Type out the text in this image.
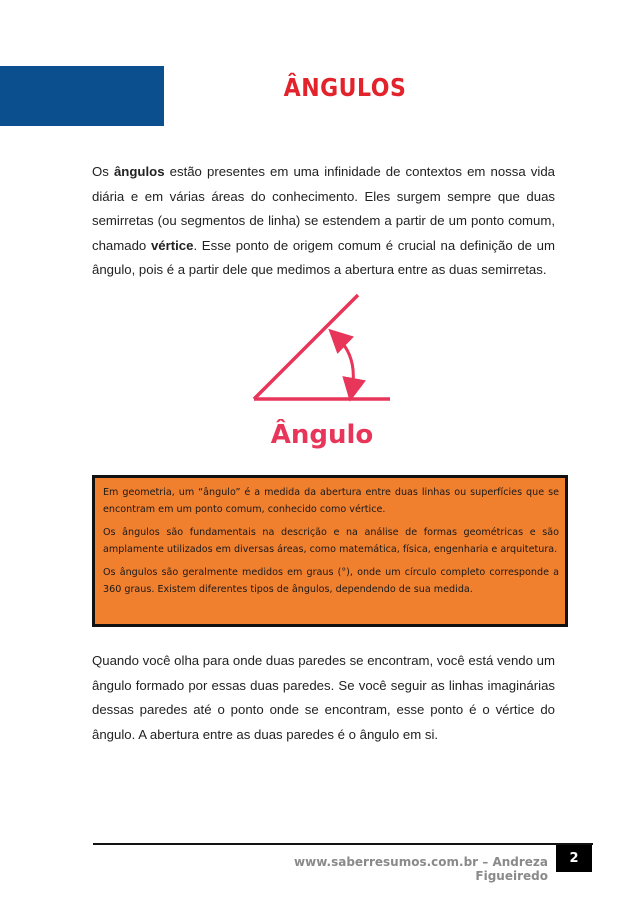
ÂNGULOS

Os ângulos estão presentes em uma infinidade de contextos em nossa vida diária e em várias áreas do conhecimento. Eles surgem sempre que duas semirretas (ou segmentos de linha) se estendem a partir de um ponto comum, chamado vértice. Esse ponto de origem comum é crucial na definição de um ângulo, pois é a partir dele que medimos a abertura entre as duas semirretas.

Ângulo

Em geometria, um “ângulo” é a medida da abertura entre duas linhas ou superfícies que se encontram em um ponto comum, conhecido como vértice.

Os ângulos são fundamentais na descrição e na análise de formas geométricas e são amplamente utilizados em diversas áreas, como matemática, física, engenharia e arquitetura.

Os ângulos são geralmente medidos em graus (°), onde um círculo completo corresponde a 360 graus. Existem diferentes tipos de ângulos, dependendo de sua medida.

Quando você olha para onde duas paredes se encontram, você está vendo um ângulo formado por essas duas paredes. Se você seguir as linhas imaginárias dessas paredes até o ponto onde se encontram, esse ponto é o vértice do ângulo. A abertura entre as duas paredes é o ângulo em si.

www.saberresumos.com.br – Andreza Figueiredo
2
